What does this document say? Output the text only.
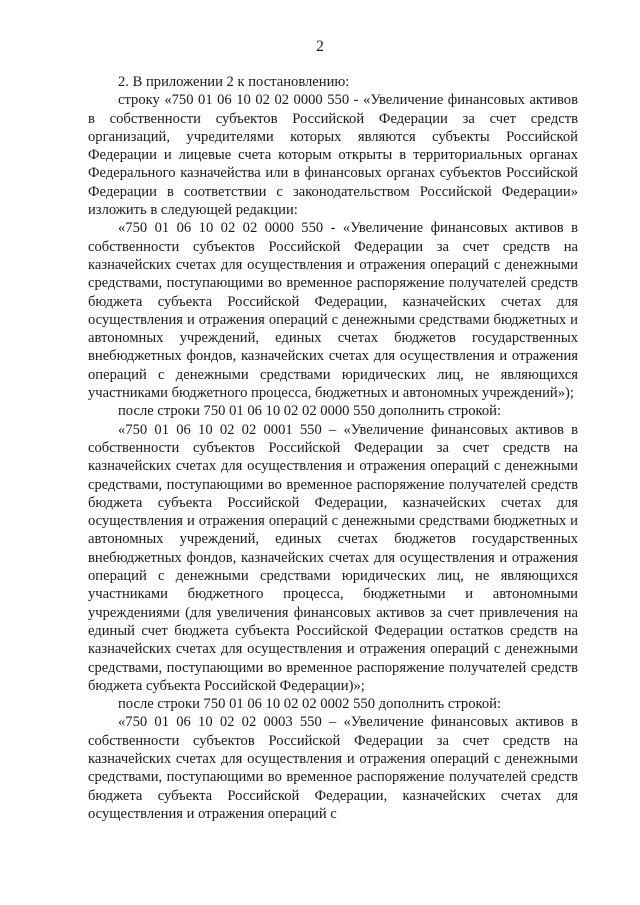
2

2. В приложении 2 к постановлению:

строку «750 01 06 10 02 02 0000 550 - «Увеличение финансовых активов в собственности субъектов Российской Федерации за счет средств организаций, учредителями которых являются субъекты Российской Федерации и лицевые счета которым открыты в территориальных органах Федерального казначейства или в финансовых органах субъектов Российской Федерации в соответствии с законодательством Российской Федерации» изложить в следующей редакции:

«750 01 06 10 02 02 0000 550 - «Увеличение финансовых активов в собственности субъектов Российской Федерации за счет средств на казначейских счетах для осуществления и отражения операций с денежными средствами, поступающими во временное распоряжение получателей средств бюджета субъекта Российской Федерации, казначейских счетах для осуществления и отражения операций с денежными средствами бюджетных и автономных учреждений, единых счетах бюджетов государственных внебюджетных фондов, казначейских счетах для осуществления и отражения операций с денежными средствами юридических лиц, не являющихся участниками бюджетного процесса, бюджетных и автономных учреждений»);

после строки 750 01 06 10 02 02 0000 550 дополнить строкой:

«750 01 06 10 02 02 0001 550 – «Увеличение финансовых активов в собственности субъектов Российской Федерации за счет средств на казначейских счетах для осуществления и отражения операций с денежными средствами, поступающими во временное распоряжение получателей средств бюджета субъекта Российской Федерации, казначейских счетах для осуществления и отражения операций с денежными средствами бюджетных и автономных учреждений, единых счетах бюджетов государственных внебюджетных фондов, казначейских счетах для осуществления и отражения операций с денежными средствами юридических лиц, не являющихся участниками бюджетного процесса, бюджетными и автономными учреждениями (для увеличения финансовых активов за счет привлечения на единый счет бюджета субъекта Российской Федерации остатков средств на казначейских счетах для осуществления и отражения операций с денежными средствами, поступающими во временное распоряжение получателей средств бюджета субъекта Российской Федерации)»;

после строки 750 01 06 10 02 02 0002 550 дополнить строкой:

«750 01 06 10 02 02 0003 550 – «Увеличение финансовых активов в собственности субъектов Российской Федерации за счет средств на казначейских счетах для осуществления и отражения операций с денежными средствами, поступающими во временное распоряжение получателей средств бюджета субъекта Российской Федерации, казначейских счетах для осуществления и отражения операций с
